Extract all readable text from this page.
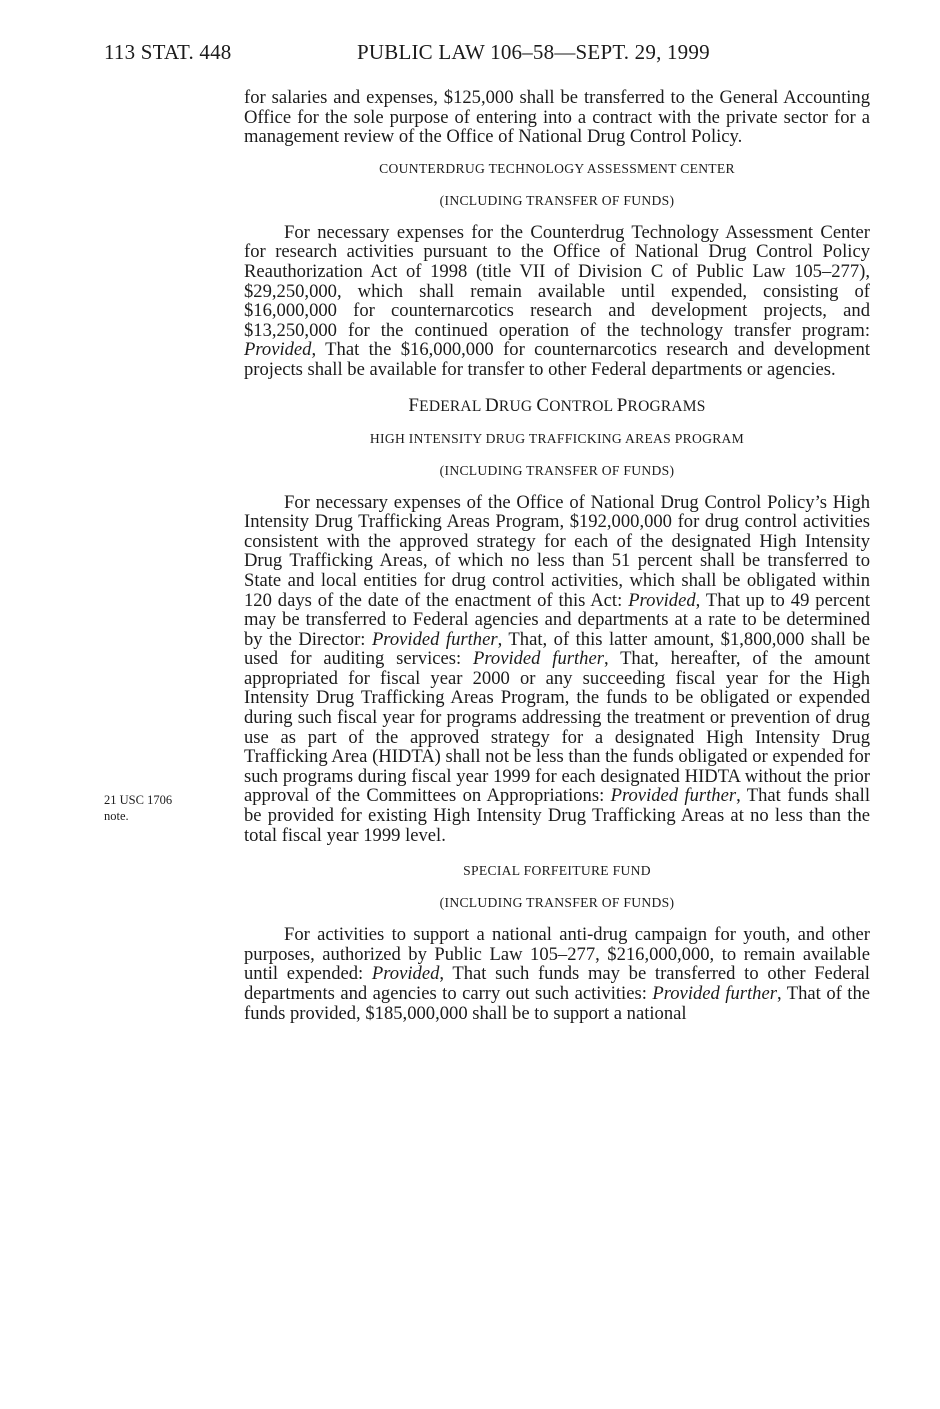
113 STAT. 448	PUBLIC LAW 106–58—SEPT. 29, 1999
21 USC 1706
note.

for salaries and expenses, $125,000 shall be transferred to the General Accounting Office for the sole purpose of entering into a contract with the private sector for a management review of the Office of National Drug Control Policy.

COUNTERDRUG TECHNOLOGY ASSESSMENT CENTER

(INCLUDING TRANSFER OF FUNDS)

For necessary expenses for the Counterdrug Technology Assessment Center for research activities pursuant to the Office of National Drug Control Policy Reauthorization Act of 1998 (title VII of Division C of Public Law 105–277), $29,250,000, which shall remain available until expended, consisting of $16,000,000 for counternarcotics research and development projects, and $13,250,000 for the continued operation of the technology transfer program: Provided, That the $16,000,000 for counternarcotics research and development projects shall be available for transfer to other Federal departments or agencies.

FEDERAL DRUG CONTROL PROGRAMS

HIGH INTENSITY DRUG TRAFFICKING AREAS PROGRAM

(INCLUDING TRANSFER OF FUNDS)

For necessary expenses of the Office of National Drug Control Policy’s High Intensity Drug Trafficking Areas Program, $192,000,000 for drug control activities consistent with the approved strategy for each of the designated High Intensity Drug Trafficking Areas, of which no less than 51 percent shall be transferred to State and local entities for drug control activities, which shall be obligated within 120 days of the date of the enactment of this Act: Provided, That up to 49 percent may be transferred to Federal agencies and departments at a rate to be determined by the Director: Provided further, That, of this latter amount, $1,800,000 shall be used for auditing services: Provided further, That, hereafter, of the amount appropriated for fiscal year 2000 or any succeeding fiscal year for the High Intensity Drug Trafficking Areas Program, the funds to be obligated or expended during such fiscal year for programs addressing the treatment or prevention of drug use as part of the approved strategy for a designated High Intensity Drug Trafficking Area (HIDTA) shall not be less than the funds obligated or expended for such programs during fiscal year 1999 for each designated HIDTA without the prior approval of the Committees on Appropriations: Provided further, That funds shall be provided for existing High Intensity Drug Trafficking Areas at no less than the total fiscal year 1999 level.

SPECIAL FORFEITURE FUND

(INCLUDING TRANSFER OF FUNDS)

For activities to support a national anti-drug campaign for youth, and other purposes, authorized by Public Law 105–277, $216,000,000, to remain available until expended: Provided, That such funds may be transferred to other Federal departments and agencies to carry out such activities: Provided further, That of the funds provided, $185,000,000 shall be to support a national
